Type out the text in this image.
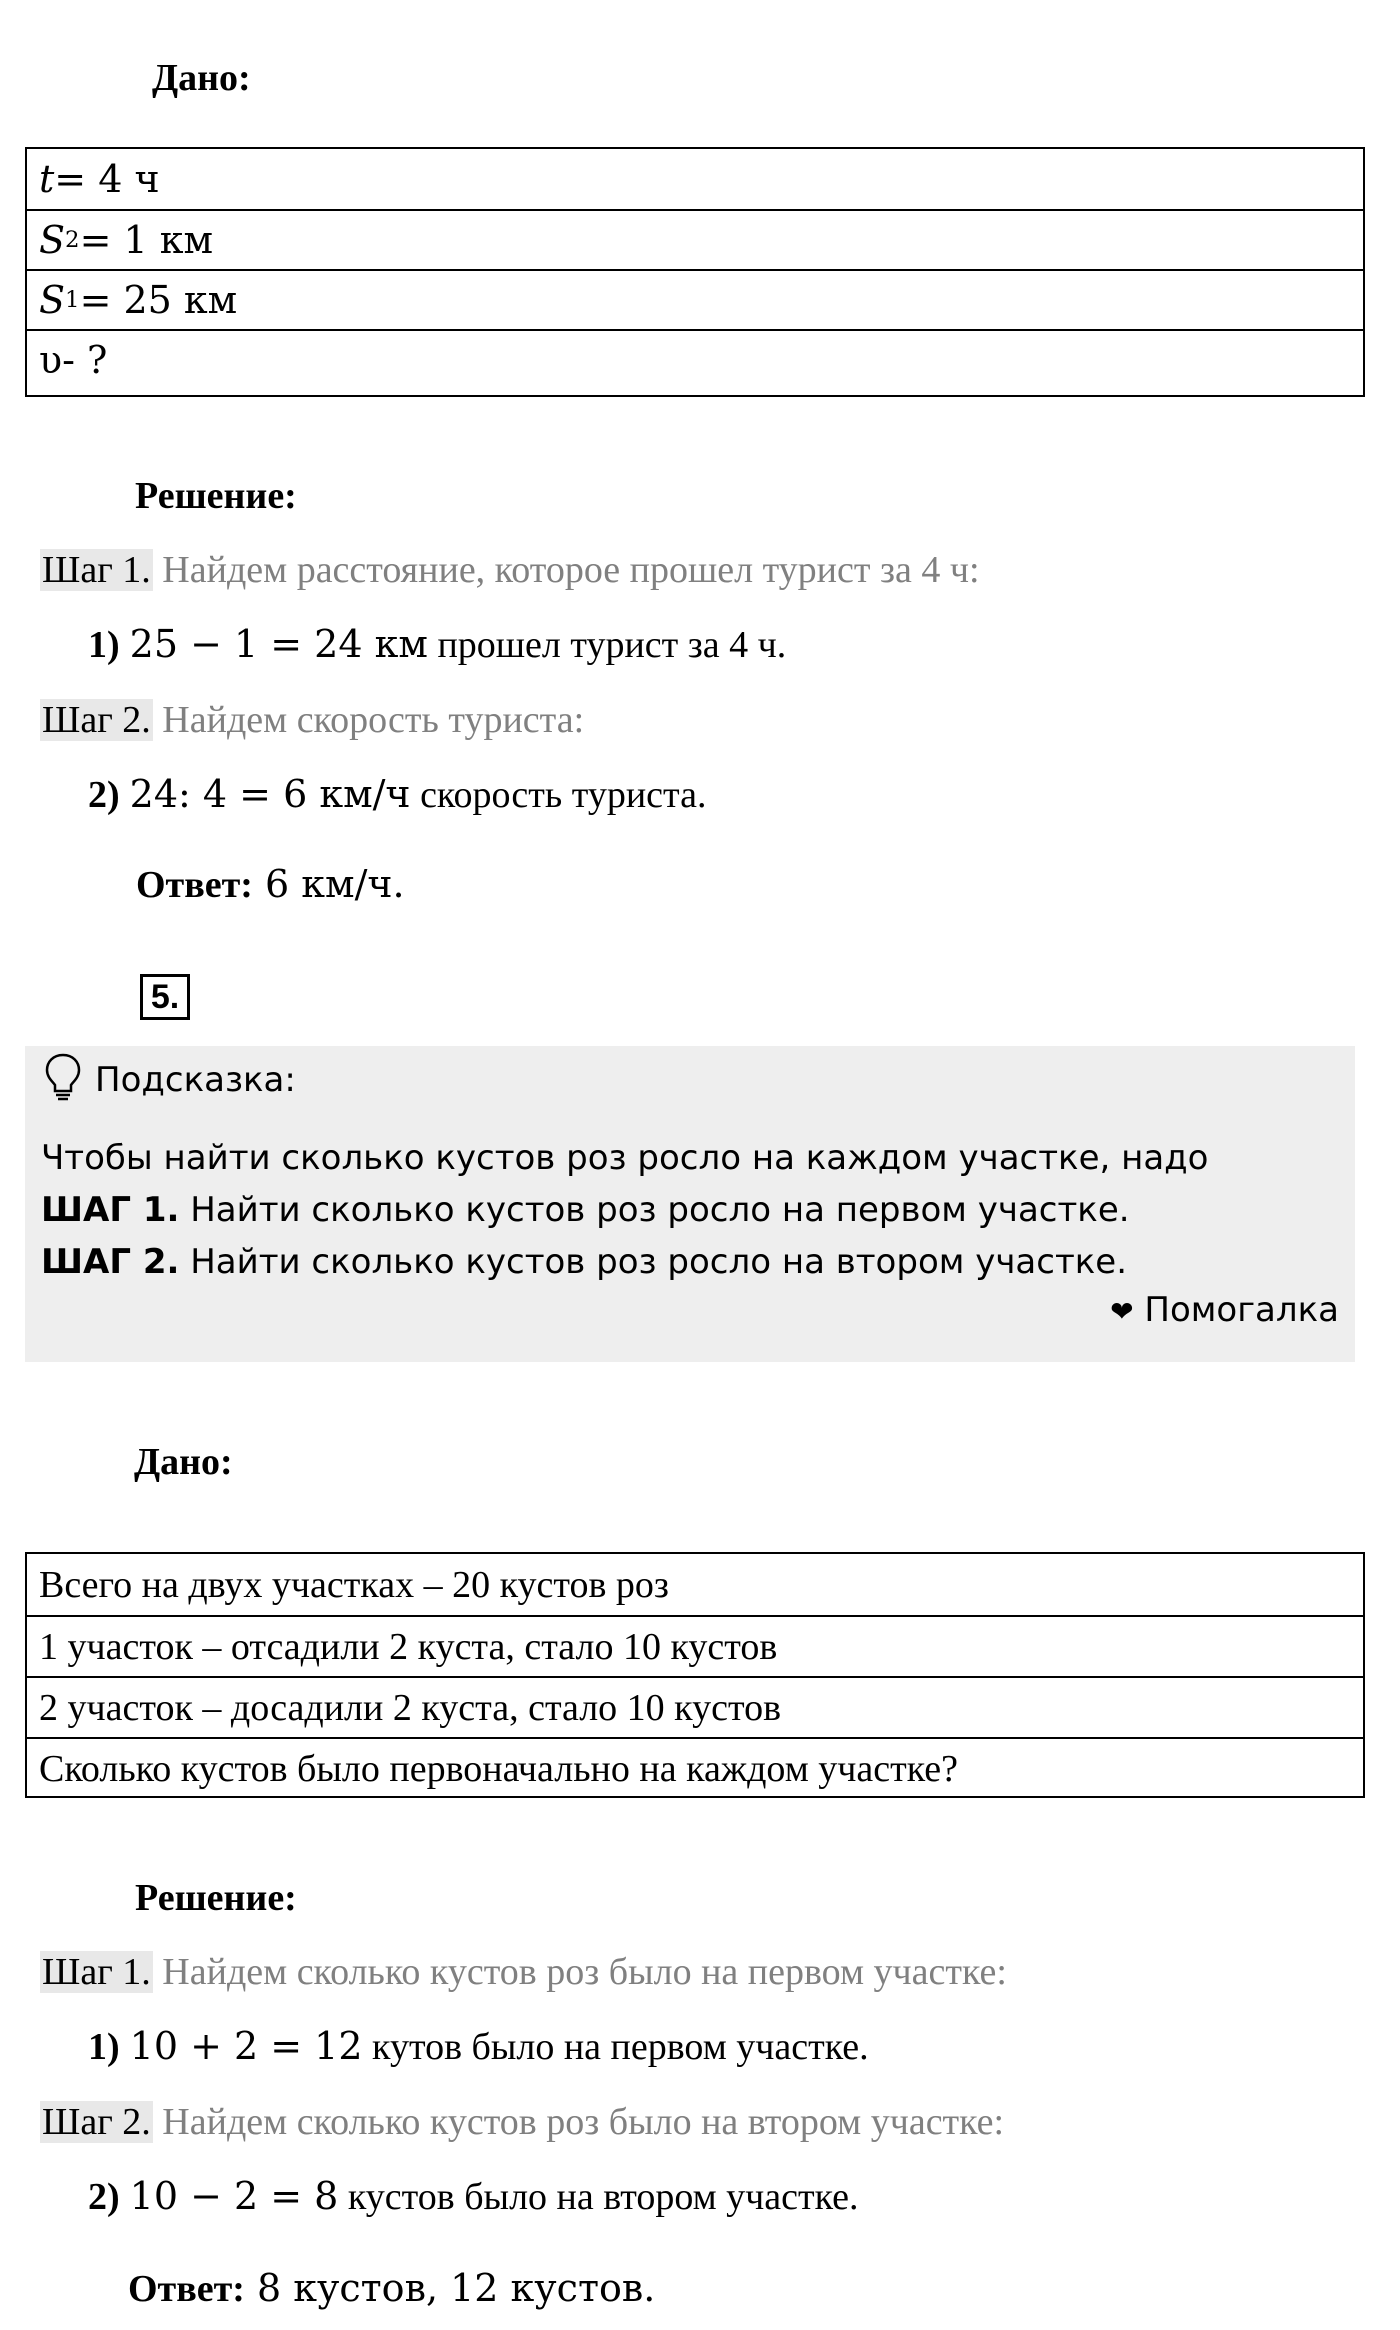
Дано:
t = 4 ч
S 2 = 1 км
S 1 = 25 км
υ - ?
Решение:
Шаг 1. Найдем расстояние, которое прошел турист за 4 ч:
1) 25 − 1 = 24 км прошел турист за 4 ч.
Шаг 2. Найдем скорость туриста:
2) 24: 4 = 6 км/ч скорость туриста.
Ответ: 6 км/ч.
5.
Подсказка:
Чтобы найти сколько кустов роз росло на каждом участке, надо
ШАГ 1. Найти сколько кустов роз росло на первом участке.
ШАГ 2. Найти сколько кустов роз росло на втором участке.
❤ Помогалка
Дано:
Всего на двух участках – 20 кустов роз
1 участок – отсадили 2 куста, стало 10 кустов
2 участок – досадили 2 куста, стало 10 кустов
Сколько кустов было первоначально на каждом участке?
Решение:
Шаг 1. Найдем сколько кустов роз было на первом участке:
1) 10 + 2 = 12 кутов было на первом участке.
Шаг 2. Найдем сколько кустов роз было на втором участке:
2) 10 − 2 = 8 кустов было на втором участке.
Ответ: 8 кустов, 12 кустов.
